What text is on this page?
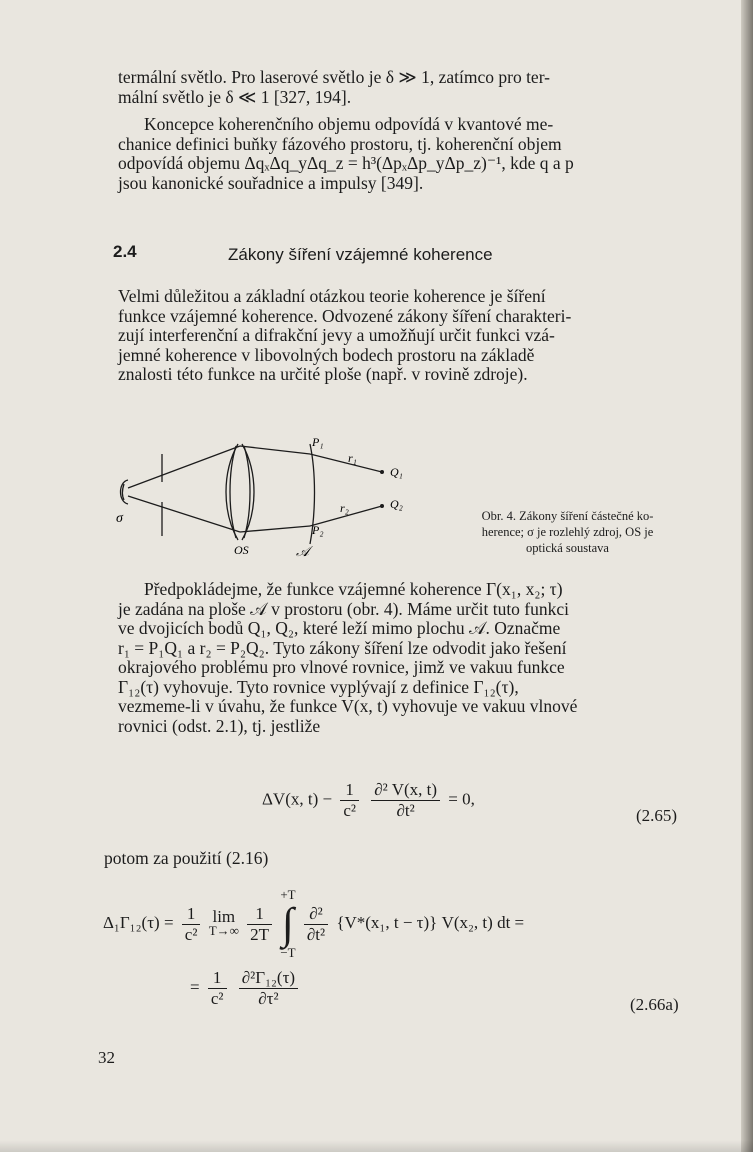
termální světlo. Pro laserové světlo je δ ≫ 1, zatímco pro ter-
mální světlo je δ ≪ 1 [327, 194].

Koncepce koherenčního objemu odpovídá v kvantové me-
chanice definici buňky fázového prostoru, tj. koherenční objem
odpovídá objemu ΔqₓΔq_yΔq_z = h³(ΔpₓΔp_yΔp_z)⁻¹, kde q a p
jsou kanonické souřadnice a impulsy [349].

2.4	Zákony šíření vzájemné koherence

Velmi důležitou a základní otázkou teorie koherence je šíření
funkce vzájemné koherence. Odvozené zákony šíření charakteri-
zují interferenční a difrakční jevy a umožňují určit funkci vzá-
jemné koherence v libovolných bodech prostoru na základě
znalosti této funkce na určité ploše (např. v rovině zdroje).

P₁
r₁
Q₁
r₂	Q₂
P₂
σ
OS	𝒜
Obr. 4. Zákony šíření částečné ko-
herence; σ je rozlehlý zdroj, OS je
optická soustava

Předpokládejme, že funkce vzájemné koherence Γ(x₁, x₂; τ)
je zadána na ploše 𝒜 v prostoru (obr. 4). Máme určit tuto funkci
ve dvojicích bodů Q₁, Q₂, které leží mimo plochu 𝒜. Označme
r₁ = P₁Q₁ a r₂ = P₂Q₂. Tyto zákony šíření lze odvodit jako řešení
okrajového problému pro vlnové rovnice, jimž ve vakuu funkce
Γ₁₂(τ) vyhovuje. Tyto rovnice vyplývají z definice Γ₁₂(τ),
vezmeme-li v úvahu, že funkce V(x, t) vyhovuje ve vakuu vlnové
rovnici (odst. 2.1), tj. jestliže

ΔV(x, $t) - \frac{1}{\text{c²}}$
$\frac{\text{∂² V(x, t)}}{\text{∂t²}} = 0$,
(2.65)
potom za použití (2.16)
$\Delta_1\Gamma_{12}(\tau) = \frac{1}{\text{c²}}$
lim
T→∞
$\frac{1}{2T}$

+T
∫
−T

$\frac{\text{∂²}}{\text{∂t²}} \{V*(x_1$, t − τ)} V(x₂, t) dt =
= $\frac{1}{\text{c²}}$
$\frac{\text{∂²Γ₁₂(τ)}}{\text{∂τ²}}$	(2.66a)
32
